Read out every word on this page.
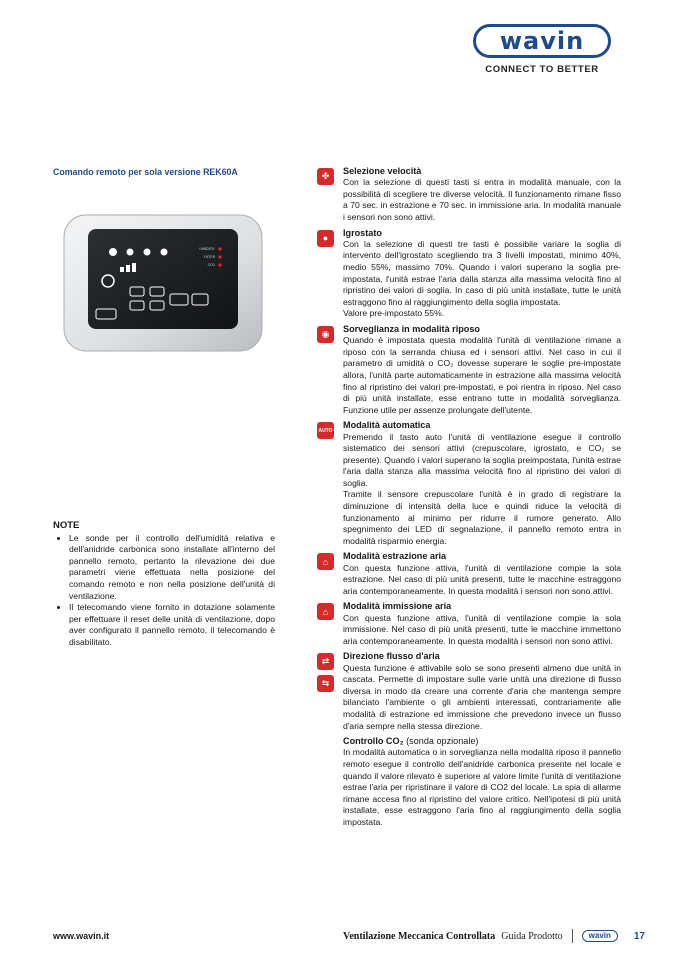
wavin
CONNECT TO BETTER
Comando remoto per sola versione REK60A
UMIDITA'
FILTER
CO2
NOTE
• Le sonde per il controllo dell'umidità relativa e dell'anidride carbonica sono installate all'interno del pannello remoto, pertanto la rilevazione dei due parametri viene effettuata nella posizione del comando remoto e non nella posizione dell'unità di ventilazione.
• Il telecomando viene fornito in dotazione solamente per effettuare il reset delle unità di ventilazione, dopo aver configurato il pannello remoto, il telecomando è disabilitato.
✤	Selezione velocità
Con la selezione di questi tasti si entra in modalità manuale, con la possibilità di scegliere tre diverse velocità. Il funzionamento rimane fisso a 70 sec. in estrazione e 70 sec. in immissione aria. In modalità manuale i sensori non sono attivi.
●
Igrostato
Con la selezione di questi tre tasti è possibile variare la soglia di intervento dell'igrostato scegliendo tra 3 livelli impostati, minimo 40%, medio 55%, massimo 70%. Quando i valori superano la soglia pre-impostata, l'unità estrae l'aria dalla stanza alla massima velocità fino al ripristino dei valori di soglia. In caso di più unità installate, tutte le unità estraggono fino al raggiungimento della soglia impostata.
Valore pre-impostato 55%.
◉	Sorveglianza in modalità riposo
Quando è impostata questa modalità l'unità di ventilazione rimane a riposo con la serranda chiusa ed i sensori attivi. Nel caso in cui il parametro di umidità o CO₂ dovesse superare le soglie pre-impostate allora, l'unità parte automaticamente in estrazione alla massima velocità fino al ripristino dei valori pre-impostati, e poi rientra in riposo. Nel caso di più unità installate, esse entrano tutte in modalità sorveglianza. Funzione utile per assenze prolungate dell'utente.
AUTO
Modalità automatica
Premendo il tasto auto l'unità di ventilazione esegue il controllo sistematico dei sensori attivi (crepuscolare, igrostato, e CO₂ se presente). Quando i valori superano la soglia preimpostata, l'unità estrae l'aria dalla stanza alla massima velocità fino al ripristino dei valori di soglia.
Tramite il sensore crepuscolare l'unità è in grado di registrare la diminuzione di intensità della luce e quindi riduce la velocità di funzionamento al minimo per ridurre il rumore generato. Allo spegnimento dei LED di segnalazione, il pannello remoto entra in modalità risparmio energia.
⌂
Modalità estrazione aria
Con questa funzione attiva, l'unità di ventilazione compie la sola estrazione. Nel caso di più unità presenti, tutte le macchine estraggono aria contemporaneamente. In questa modalità i sensori non sono attivi.
⌂
Modalità immissione aria
Con questa funzione attiva, l'unità di ventilazione compie la sola immissione. Nel caso di più unità presenti, tutte le macchine immettono aria contemporaneamente. In questa modalità i sensori non sono attivi.
⇄
⇆
Direzione flusso d'aria
Questa funzione è attivabile solo se sono presenti almeno due unità in cascata. Permette di impostare sulle varie unità una direzione di flusso diversa in modo da creare una corrente d'aria che mantenga sempre bilanciato l'ambiente o gli ambienti interessati, contrariamente alle modalità di estrazione ed immissione che prevedono invece un flusso d'aria sempre nella stessa direzione.
Controllo CO₂ (sonda opzionale)
In modalità automatica o in sorveglianza nella modalità riposo il pannello remoto esegue il controllo dell'anidride carbonica presente nel locale e quando il valore rilevato è superiore al valore limite l'unità di ventilazione estrae l'aria per ripristinare il valore di CO2 del locale. La spia di allarme rimane accesa fino al ripristino del valore critico. Nell'ipotesi di più unità installate, esse estraggono l'aria fino al raggiungimento della soglia impostata.
www.wavin.it	Ventilazione Meccanica Controllata Guida Prodotto	wavin	17
